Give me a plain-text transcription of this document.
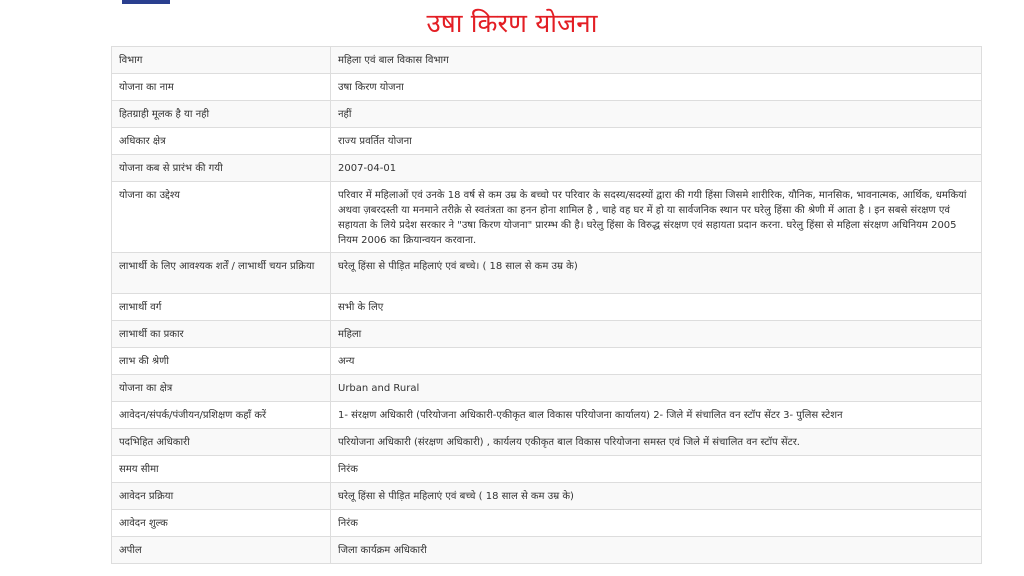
उषा किरण योजना
विभाग	महिला एवं बाल विकास विभाग
योजना का नाम	उषा किरण योजना
हितग्राही मूलक है या नही	नहीं
अधिकार क्षेत्र	राज्य प्रवर्तित योजना
योजना कब से प्रारंभ की गयी	2007-04-01
योजना का उद्देश्य	परिवार में महिलाओं एवं उनके 18 वर्ष से कम उम्र के बच्चो पर परिवार के सदस्य/सदस्यों द्वारा की गयी हिंसा जिसमे शारीरिक, यौनिक, मानसिक, भावनात्मक, आर्थिक, धमकियां अथवा ज़बरदस्ती या मनमाने तरीक़े से स्वतंत्रता का हनन होना शामिल है , चाहे वह घर में हो या सार्वजनिक स्थान पर घरेलु हिंसा की श्रेणी में आता है । इन सबसे संरक्षण एवं सहायता के लिये प्रदेश सरकार ने "उषा किरण योजना" प्रारम्भ की है। घरेलु हिंसा के विरुद्ध संरक्षण एवं सहायता प्रदान करना. घरेलु हिंसा से महिला संरक्षण अधिनियम 2005 नियम 2006 का क्रियान्वयन करवाना.
लाभार्थी के लिए आवश्यक शर्तें / लाभार्थी चयन प्रक्रिया	घरेलू हिंसा से पीड़ित महिलाएं एवं बच्चे। ( 18 साल से कम उम्र के)
लाभार्थी वर्ग	सभी के लिए
लाभार्थी का प्रकार	महिला
लाभ की श्रेणी	अन्य
योजना का क्षेत्र	Urban and Rural
आवेदन/संपर्क/पंजीयन/प्रशिक्षण कहाँ करें	1- संरक्षण अधिकारी (परियोजना अधिकारी-एकीकृत बाल विकास परियोजना कार्यालय) 2- जिले में संचालित वन स्टॉप सेंटर 3- पुलिस स्टेशन
पदभिहित अधिकारी	परियोजना अधिकारी (संरक्षण अधिकारी) , कार्यलय एकीकृत बाल विकास परियोजना समस्त एवं जिले में संचालित वन स्टॉप सेंटर.
समय सीमा	निरंक
आवेदन प्रक्रिया	घरेलू हिंसा से पीड़ित महिलाएं एवं बच्चे ( 18 साल से कम उम्र के)
आवेदन शुल्क	निरंक
अपील	जिला कार्यक्रम अधिकारी
